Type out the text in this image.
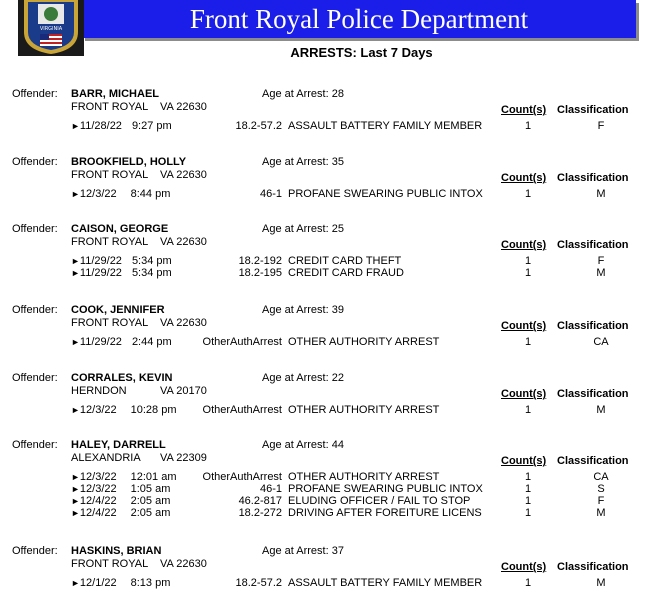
Front Royal Police Department
VIRGINIA
ARRESTS: Last 7 Days
Offender: BARR, MICHAEL	Age at Arrest: 28
FRONT ROYAL VA 22630	Count(s) Classification
►11/28/22 9:27 pm	18.2-57.2 ASSAULT BATTERY FAMILY MEMBER	1	F
Offender: BROOKFIELD, HOLLY	Age at Arrest: 35
FRONT ROYAL VA 22630	Count(s) Classification
►12/3/22 8:44 pm	46-1 PROFANE SWEARING PUBLIC INTOX	1	M
Offender: CAISON, GEORGE	Age at Arrest: 25
FRONT ROYAL VA 22630	Count(s) Classification
►11/29/22 5:34 pm	18.2-192 CREDIT CARD THEFT	1	F
►11/29/22 5:34 pm	18.2-195 CREDIT CARD FRAUD	1	M
Offender: COOK, JENNIFER	Age at Arrest: 39
FRONT ROYAL VA 22630	Count(s) Classification
►11/29/22 2:44 pm	OtherAuthArrest OTHER AUTHORITY ARREST	1	CA
Offender: CORRALES, KEVIN	Age at Arrest: 22
HERNDON	VA 20170	Count(s) Classification
►12/3/22 10:28 pm OtherAuthArrest OTHER AUTHORITY ARREST	1	M
Offender: HALEY, DARRELL	Age at Arrest: 44
ALEXANDRIA VA 22309	Count(s) Classification
►12/3/22 12:01 am OtherAuthArrest OTHER AUTHORITY ARREST	1	CA
►12/3/22 1:05 am	46-1 PROFANE SWEARING PUBLIC INTOX	1	S
►12/4/22 2:05 am	46.2-817 ELUDING OFFICER / FAIL TO STOP	1	F
►12/4/22 2:05 am	18.2-272 DRIVING AFTER FOREITURE LICENS	1	M
Offender: HASKINS, BRIAN	Age at Arrest: 37
FRONT ROYAL VA 22630	Count(s) Classification
►12/1/22 8:13 pm	18.2-57.2 ASSAULT BATTERY FAMILY MEMBER	1	M
